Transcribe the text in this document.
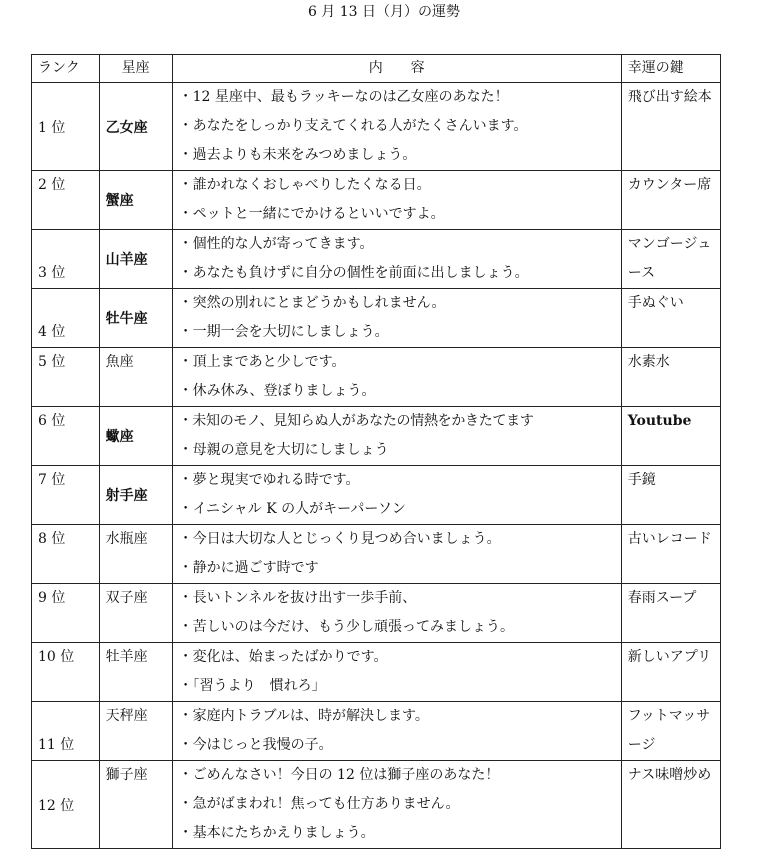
6 月 13 日（月）の運勢
ランク	星座	内　　容	幸運の鍵
1 位	乙女座	・12 星座中、最もラッキーなのは乙女座のあなた！
・あなたをしっかり支えてくれる人がたくさんいます。
・過去よりも未来をみつめましょう。	飛び出す絵本
2 位	蟹座	・誰かれなくおしゃべりしたくなる日。
・ペットと一緒にでかけるといいですよ。	カウンター席
3 位	山羊座	・個性的な人が寄ってきます。
・あなたも負けずに自分の個性を前面に出しましょう。	マンゴージュース
4 位	牡牛座	・突然の別れにとまどうかもしれません。
・一期一会を大切にしましょう。	手ぬぐい
5 位	魚座	・頂上まであと少しです。
・休み休み、登ぼりましょう。	水素水
6 位	蠍座	・未知のモノ、見知らぬ人があなたの情熱をかきたてます
・母親の意見を大切にしましょう	Youtube
7 位	射手座	・夢と現実でゆれる時です。
・イニシャル K の人がキーパーソン	手鏡
8 位	水瓶座	・今日は大切な人とじっくり見つめ合いましょう。
・静かに過ごす時です	古いレコード
9 位	双子座	・長いトンネルを抜け出す一歩手前、
・苦しいのは今だけ、もう少し頑張ってみましょう。	春雨スープ
10 位	牡羊座	・変化は、始まったばかりです。
・「習うより　慣れろ」	新しいアプリ
11 位	天秤座	・家庭内トラブルは、時が解決します。
・今はじっと我慢の子。	フットマッサージ
12 位	獅子座	・ごめんなさい！今日の 12 位は獅子座のあなた！
・急がばまわれ！焦っても仕方ありません。
・基本にたちかえりましょう。	ナス味噌炒め
